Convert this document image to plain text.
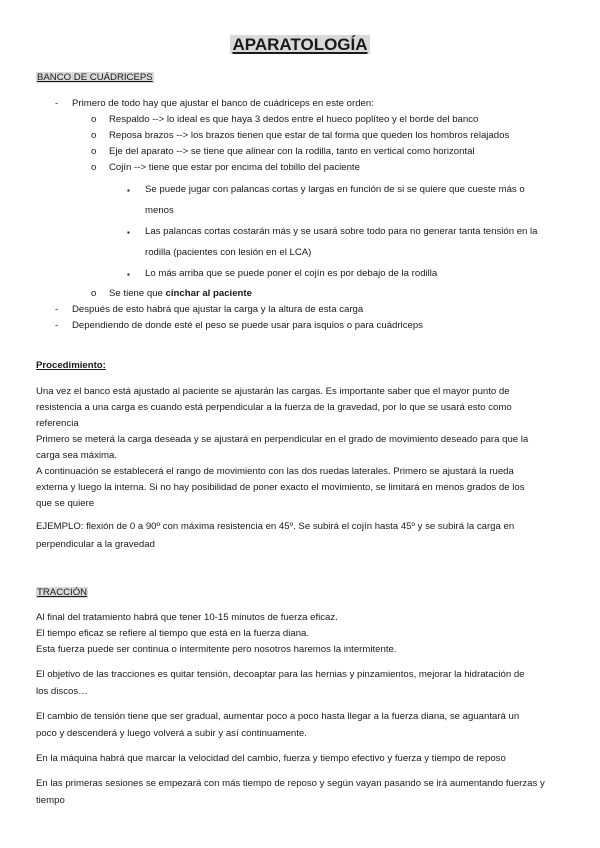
APARATOLOGÍA
BANCO DE CUÁDRICEPS
- Primero de todo hay que ajustar el banco de cuádriceps en este orden:
o Respaldo --> lo ideal es que haya 3 dedos entre el hueco poplíteo y el borde del banco
o Reposa brazos --> los brazos tienen que estar de tal forma que queden los hombros relajados
o Eje del aparato --> se tiene que alinear con la rodilla, tanto en vertical como horizontal
o Cojín --> tiene que estar por encima del tobillo del paciente
▪ Se puede jugar con palancas cortas y largas en función de si se quiere que cueste más o
menos
▪ Las palancas cortas costarán más y se usará sobre todo para no generar tanta tensión en la
rodilla (pacientes con lesión en el LCA)
▪ Lo más arriba que se puede poner el cojín es por debajo de la rodilla
o Se tiene que cinchar al paciente
- Después de esto habrá que ajustar la carga y la altura de esta carga
- Dependiendo de donde esté el peso se puede usar para isquios o para cuádriceps
Procedimiento:
Una vez el banco está ajustado al paciente se ajustarán las cargas. Es importante saber que el mayor punto de
resistencia a una carga es cuando está perpendicular a la fuerza de la gravedad, por lo que se usará esto como
referencia
Primero se meterá la carga deseada y se ajustará en perpendicular en el grado de movimiento deseado para que la
carga sea máxima.
A continuación se establecerá el rango de movimiento con las dos ruedas laterales. Primero se ajustará la rueda
externa y luego la interna. Si no hay posibilidad de poner exacto el movimiento, se limitará en menos grados de los
que se quiere
EJEMPLO: flexión de 0 a 90º con máxima resistencia en 45º. Se subirá el cojín hasta 45º y se subirá la carga en
perpendicular a la gravedad
TRACCIÓN
Al final del tratamiento habrá que tener 10-15 minutos de fuerza eficaz.
El tiempo eficaz se refiere al tiempo que está en la fuerza diana.
Esta fuerza puede ser continua o intermitente pero nosotros haremos la intermitente.
El objetivo de las tracciones es quitar tensión, decoaptar para las hernias y pinzamientos, mejorar la hidratación de
los discos…
El cambio de tensión tiene que ser gradual, aumentar poco a poco hasta llegar a la fuerza diana, se aguantará un
poco y descenderá y luego volverá a subir y así continuamente.
En la máquina habrá que marcar la velocidad del cambio, fuerza y tiempo efectivo y fuerza y tiempo de reposo
En las primeras sesiones se empezará con más tiempo de reposo y según vayan pasando se irá aumentando fuerzas y
tiempo
